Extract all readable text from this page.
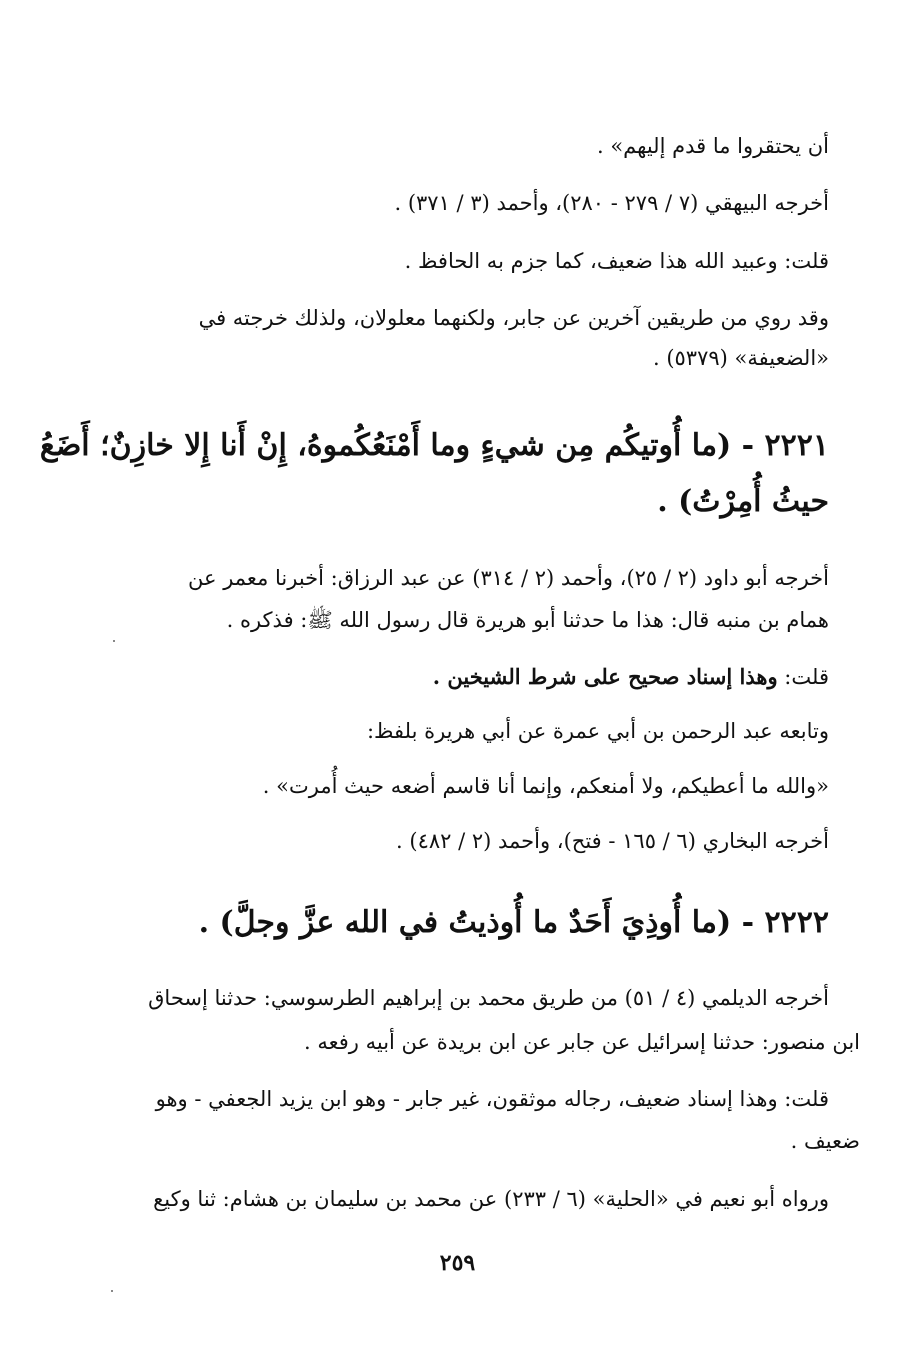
أن يحتقروا ما قدم إليهم» .

أخرجه البيهقي (٧ / ٢٧٩ - ٢٨٠)، وأحمد (٣ / ٣٧١) .

قلت: وعبيد الله هذا ضعيف، كما جزم به الحافظ .

وقد روي من طريقين آخرين عن جابر، ولكنهما معلولان، ولذلك خرجته في

«الضعيفة» (٥٣٧٩) .

٢٢٢١ - (ما أُوتيكُم مِن شيءٍ وما أَمْنَعُكُموهُ، إِنْ أَنا إِلا خازِنٌ؛ أَضَعُ
حيثُ أُمِرْتُ) .

أخرجه أبو داود (٢ / ٢٥)، وأحمد (٢ / ٣١٤) عن عبد الرزاق: أخبرنا معمر عن

همام بن منبه قال: هذا ما حدثنا أبو هريرة قال رسول الله ﷺ: فذكره .

قلت: وهذا إسناد صحيح على شرط الشيخين .

وتابعه عبد الرحمن بن أبي عمرة عن أبي هريرة بلفظ:

«والله ما أعطيكم، ولا أمنعكم، وإنما أنا قاسم أضعه حيث أُمرت» .

أخرجه البخاري (٦ / ١٦٥ - فتح)، وأحمد (٢ / ٤٨٢) .

٢٢٢٢ - (ما أُوذِيَ أَحَدٌ ما أُوذيتُ في الله عزَّ وجلَّ) .

أخرجه الديلمي (٤ / ٥١) من طريق محمد بن إبراهيم الطرسوسي: حدثنا إسحاق

ابن منصور: حدثنا إسرائيل عن جابر عن ابن بريدة عن أبيه رفعه .

قلت: وهذا إسناد ضعيف، رجاله موثقون، غير جابر - وهو ابن يزيد الجعفي - وهو

ضعيف .

ورواه أبو نعيم في «الحلية» (٦ / ٢٣٣) عن محمد بن سليمان بن هشام: ثنا وكيع

٢٥٩
